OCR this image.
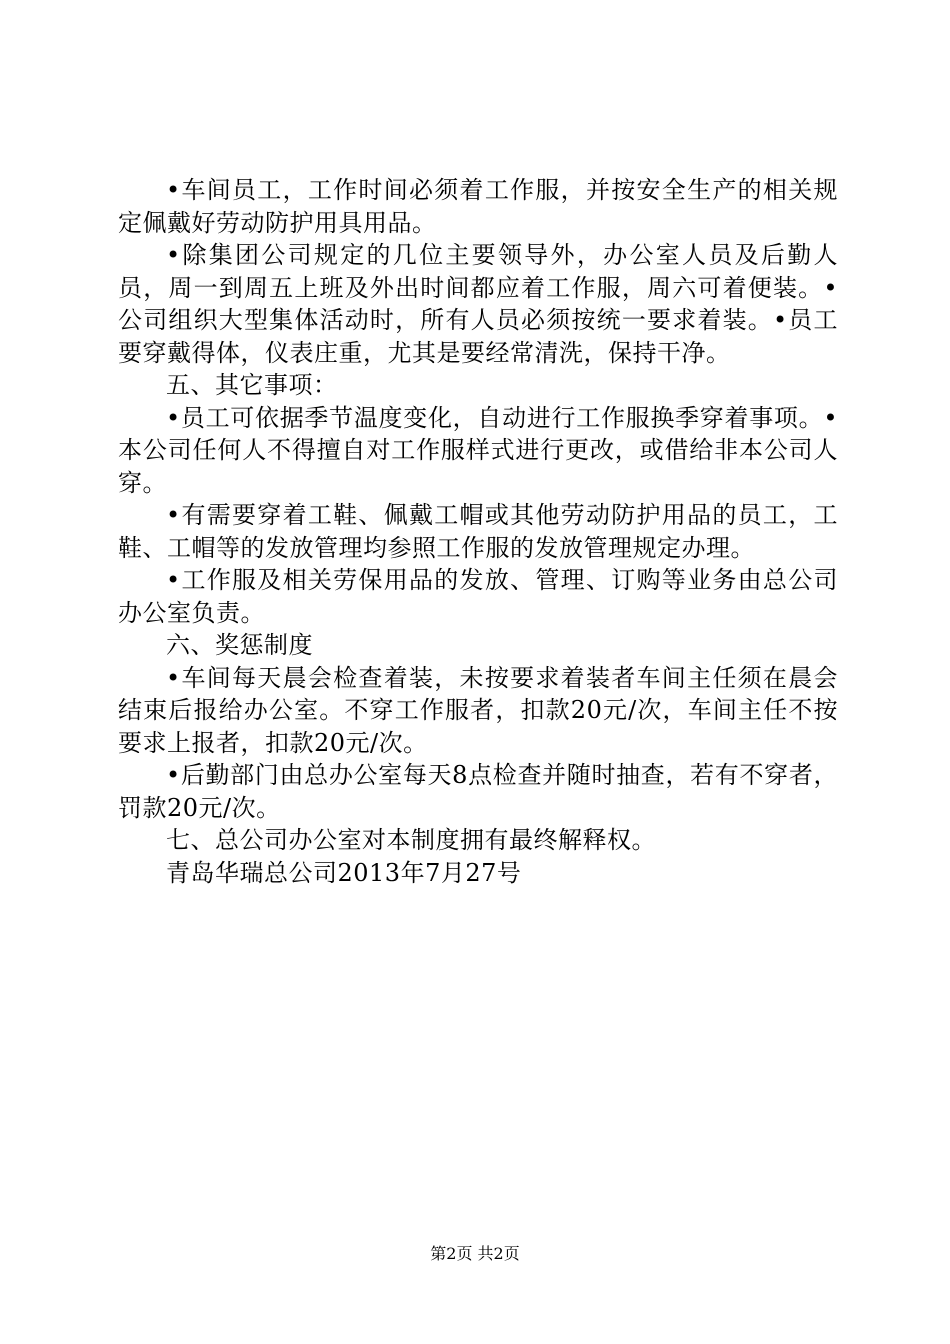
•车间员工，工作时间必须着工作服，并按安全生产的相关规定佩戴好劳动防护用具用品。

•除集团公司规定的几位主要领导外，办公室人员及后勤人员，周一到周五上班及外出时间都应着工作服，周六可着便装。•公司组织大型集体活动时，所有人员必须按统一要求着装。•员工要穿戴得体，仪表庄重，尤其是要经常清洗，保持干净。

五、其它事项：

•员工可依据季节温度变化，自动进行工作服换季穿着事项。•本公司任何人不得擅自对工作服样式进行更改，或借给非本公司人穿。

•有需要穿着工鞋、佩戴工帽或其他劳动防护用品的员工，工鞋、工帽等的发放管理均参照工作服的发放管理规定办理。

•工作服及相关劳保用品的发放、管理、订购等业务由总公司办公室负责。

六、奖惩制度

•车间每天晨会检查着装，未按要求着装者车间主任须在晨会结束后报给办公室。不穿工作服者，扣款20元/次，车间主任不按要求上报者，扣款20元/次。

•后勤部门由总办公室每天8点检查并随时抽查，若有不穿者，罚款20元/次。

七、总公司办公室对本制度拥有最终解释权。

青岛华瑞总公司2013年7月27号

第2页 共2页
